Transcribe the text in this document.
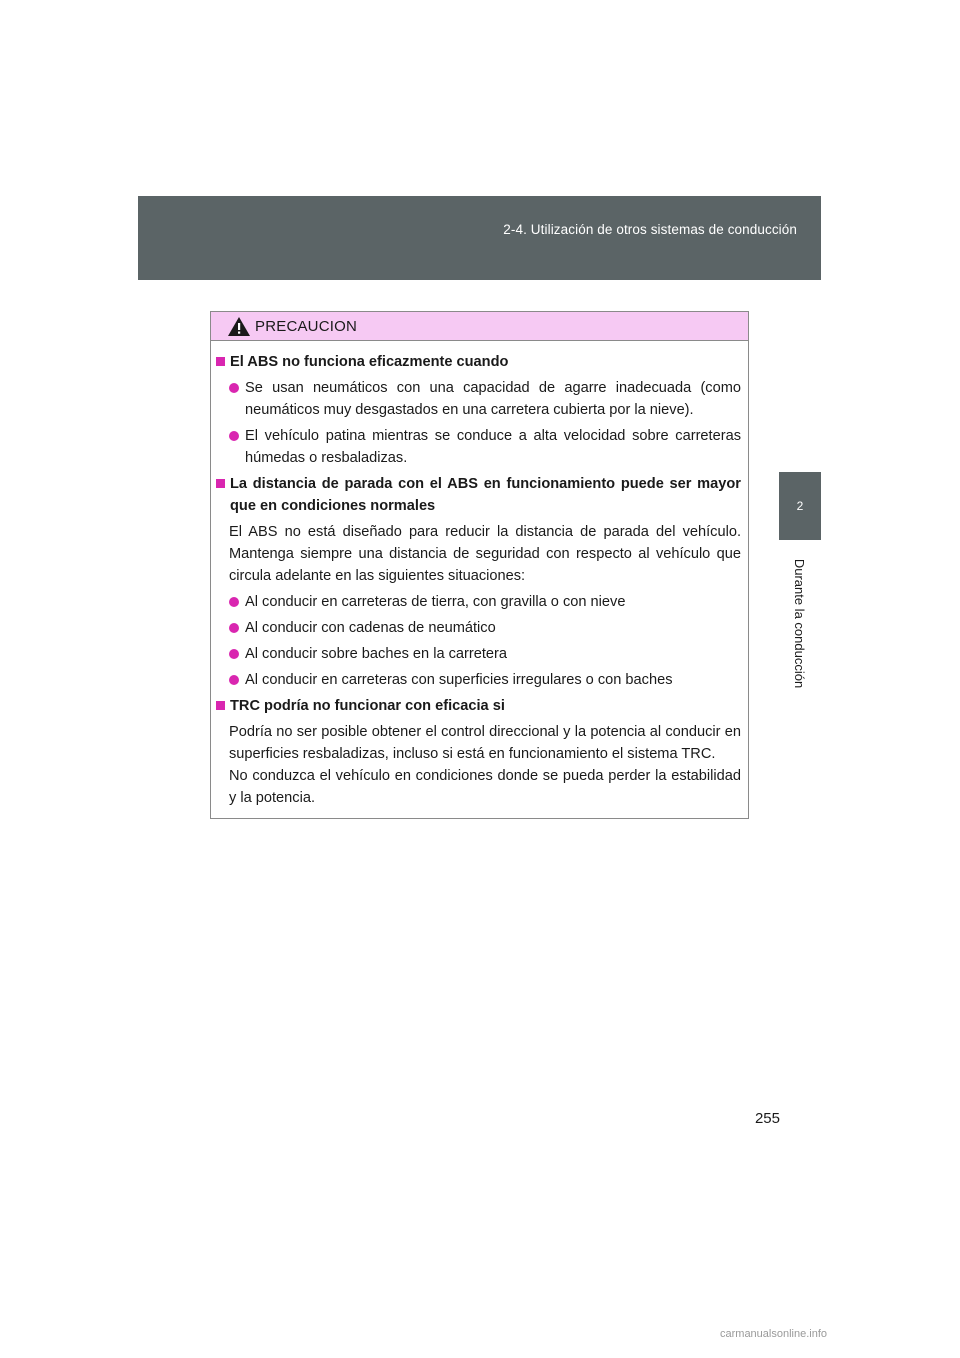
2-4. Utilización de otros sistemas de conducción
2
Durante la conducción
PRECAUCION
El ABS no funciona eficazmente cuando
Se usan neumáticos con una capacidad de agarre inadecuada (como neumáticos muy desgastados en una carretera cubierta por la nieve).
El vehículo patina mientras se conduce a alta velocidad sobre carreteras húmedas o resbaladizas.
La distancia de parada con el ABS en funcionamiento puede ser mayor que en condiciones normales
El ABS no está diseñado para reducir la distancia de parada del vehículo. Mantenga siempre una distancia de seguridad con respecto al vehículo que circula adelante en las siguientes situaciones:
Al conducir en carreteras de tierra, con gravilla o con nieve
Al conducir con cadenas de neumático
Al conducir sobre baches en la carretera
Al conducir en carreteras con superficies irregulares o con baches
TRC podría no funcionar con eficacia si
Podría no ser posible obtener el control direccional y la potencia al conducir en superficies resbaladizas, incluso si está en funcionamiento el sistema TRC.
No conduzca el vehículo en condiciones donde se pueda perder la estabilidad y la potencia.
255
carmanualsonline.info
